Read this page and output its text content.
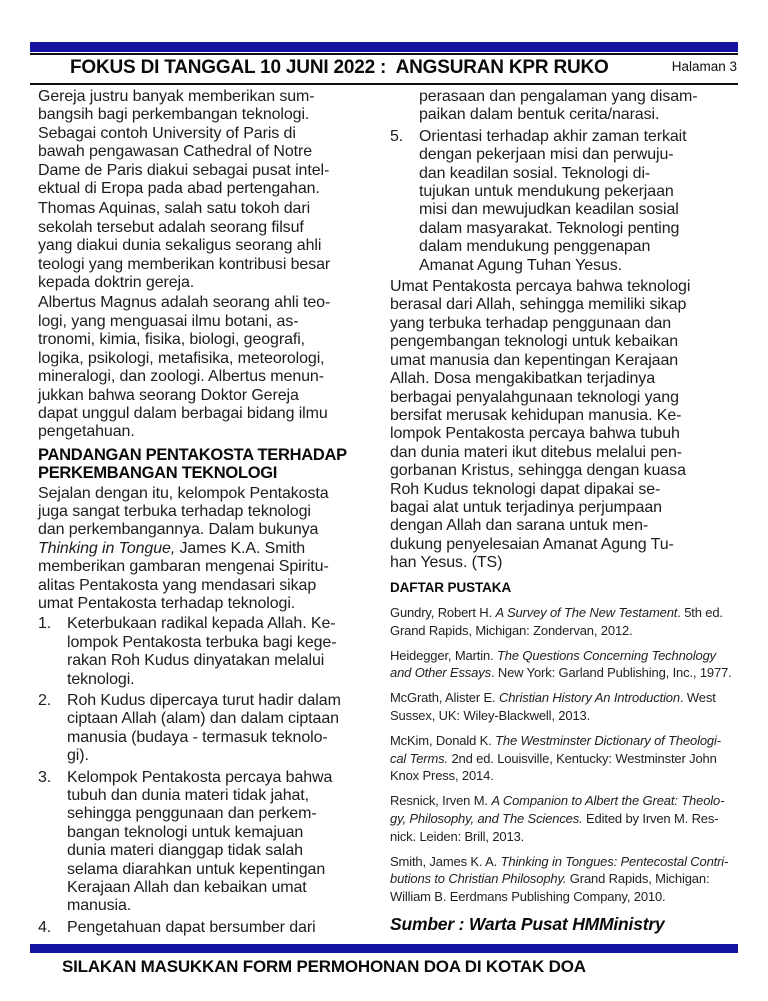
FOKUS DI TANGGAL 10 JUNI 2022 :  ANGSURAN KPR RUKO	Halaman 3
Gereja justru banyak memberikan sum-
bangsih bagi perkembangan teknologi.
Sebagai contoh University of Paris di
bawah pengawasan Cathedral of Notre
Dame de Paris diakui sebagai pusat intel-
ektual di Eropa pada abad pertengahan.
Thomas Aquinas, salah satu tokoh dari
sekolah tersebut adalah seorang filsuf
yang diakui dunia sekaligus seorang ahli
teologi yang memberikan kontribusi besar
kepada doktrin gereja.
Albertus Magnus adalah seorang ahli teo-
logi, yang menguasai ilmu botani, as-
tronomi, kimia, fisika, biologi, geografi,
logika, psikologi, metafisika, meteorologi,
mineralogi, dan zoologi. Albertus menun-
jukkan bahwa seorang Doktor Gereja
dapat unggul dalam berbagai bidang ilmu
pengetahuan.
PANDANGAN PENTAKOSTA TERHADAP
PERKEMBANGAN TEKNOLOGI
Sejalan dengan itu, kelompok Pentakosta
juga sangat terbuka terhadap teknologi
dan perkembangannya. Dalam bukunya
Thinking in Tongue, James K.A. Smith
memberikan gambaran mengenai Spiritu-
alitas Pentakosta yang mendasari sikap
umat Pentakosta terhadap teknologi.
1. Keterbukaan radikal kepada Allah. Ke-
lompok Pentakosta terbuka bagi kege-
rakan Roh Kudus dinyatakan melalui
teknologi.
2. Roh Kudus dipercaya turut hadir dalam
ciptaan Allah (alam) dan dalam ciptaan
manusia (budaya - termasuk teknolo-
gi).
3. Kelompok Pentakosta percaya bahwa
tubuh dan dunia materi tidak jahat,
sehingga penggunaan dan perkem-
bangan teknologi untuk kemajuan
dunia materi dianggap tidak salah
selama diarahkan untuk kepentingan
Kerajaan Allah dan kebaikan umat
manusia.
4. Pengetahuan dapat bersumber dari
perasaan dan pengalaman yang disam-
paikan dalam bentuk cerita/narasi.
5. Orientasi terhadap akhir zaman terkait
dengan pekerjaan misi dan perwuju-
dan keadilan sosial. Teknologi di-
tujukan untuk mendukung pekerjaan
misi dan mewujudkan keadilan sosial
dalam masyarakat. Teknologi penting
dalam mendukung penggenapan
Amanat Agung Tuhan Yesus.
Umat Pentakosta percaya bahwa teknologi
berasal dari Allah, sehingga memiliki sikap
yang terbuka terhadap penggunaan dan
pengembangan teknologi untuk kebaikan
umat manusia dan kepentingan Kerajaan
Allah. Dosa mengakibatkan terjadinya
berbagai penyalahgunaan teknologi yang
bersifat merusak kehidupan manusia. Ke-
lompok Pentakosta percaya bahwa tubuh
dan dunia materi ikut ditebus melalui pen-
gorbanan Kristus, sehingga dengan kuasa
Roh Kudus teknologi dapat dipakai se-
bagai alat untuk terjadinya perjumpaan
dengan Allah dan sarana untuk men-
dukung penyelesaian Amanat Agung Tu-
han Yesus. (TS)
DAFTAR PUSTAKA
Gundry, Robert H. A Survey of The New Testament. 5th ed.
Grand Rapids, Michigan: Zondervan, 2012.
Heidegger, Martin. The Questions Concerning Technology
and Other Essays. New York: Garland Publishing, Inc., 1977.
McGrath, Alister E. Christian History An Introduction. West
Sussex, UK: Wiley-Blackwell, 2013.
McKim, Donald K. The Westminster Dictionary of Theologi-
cal Terms. 2nd ed. Louisville, Kentucky: Westminster John
Knox Press, 2014.
Resnick, Irven M. A Companion to Albert the Great: Theolo-
gy, Philosophy, and The Sciences. Edited by Irven M. Res-
nick. Leiden: Brill, 2013.
Smith, James K. A. Thinking in Tongues: Pentecostal Contri-
butions to Christian Philosophy. Grand Rapids, Michigan:
William B. Eerdmans Publishing Company, 2010.
Sumber : Warta Pusat HMMinistry
SILAKAN MASUKKAN FORM PERMOHONAN DOA DI KOTAK DOA
